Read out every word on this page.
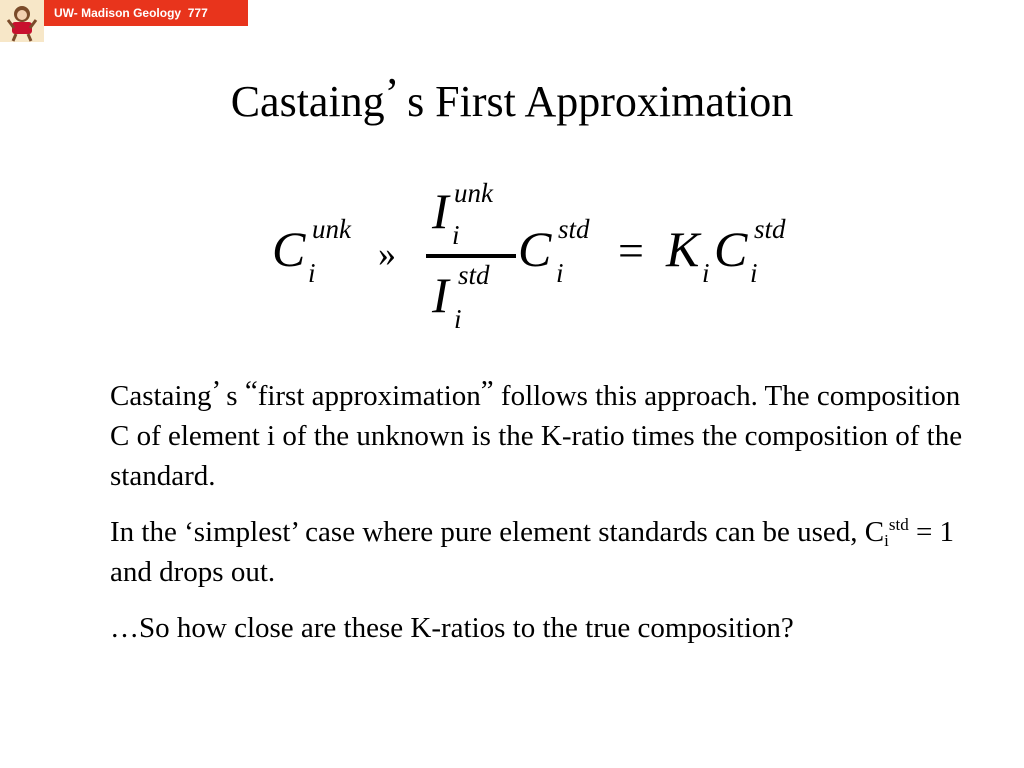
UW- Madison Geology  777
Castaing’ s First Approximation
C unk
i »
I unk
i
I std
i
C std
i = K i C std
i

Castaing’ s “first approximation” follows this approach. The composition C of element i of the unknown is the K-ratio times the composition of the standard.

In the ‘simplest’ case where pure element standards can be used, $C_i^{std} = 1$ and drops out.

…So how close are these K-ratios to the true composition?
